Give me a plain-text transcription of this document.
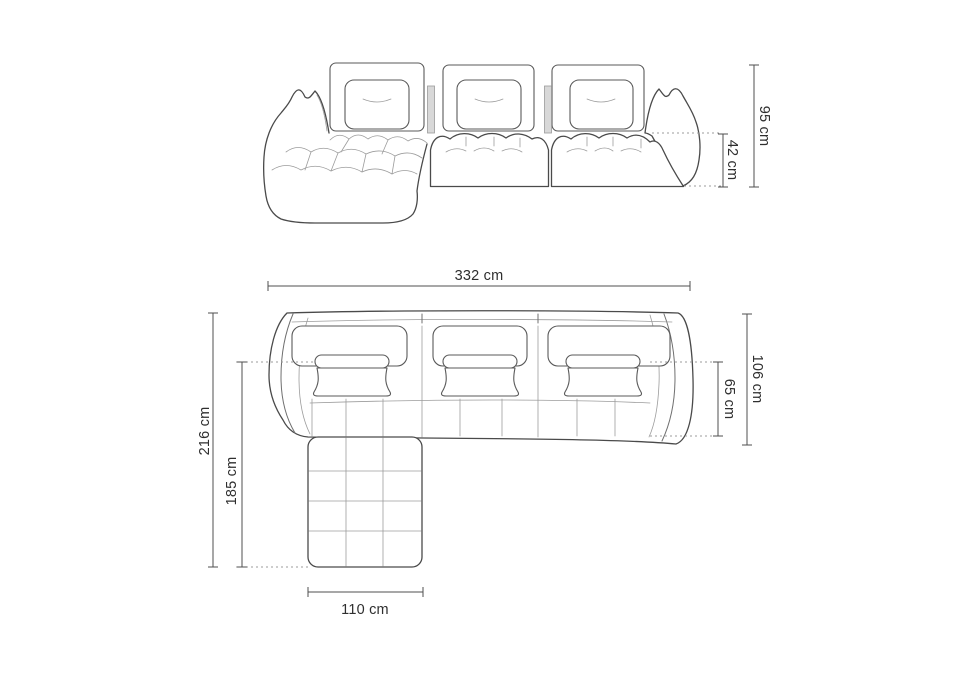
42 cm
95 cm
332 cm
106 cm
65 cm
216 cm
185 cm
110 cm
